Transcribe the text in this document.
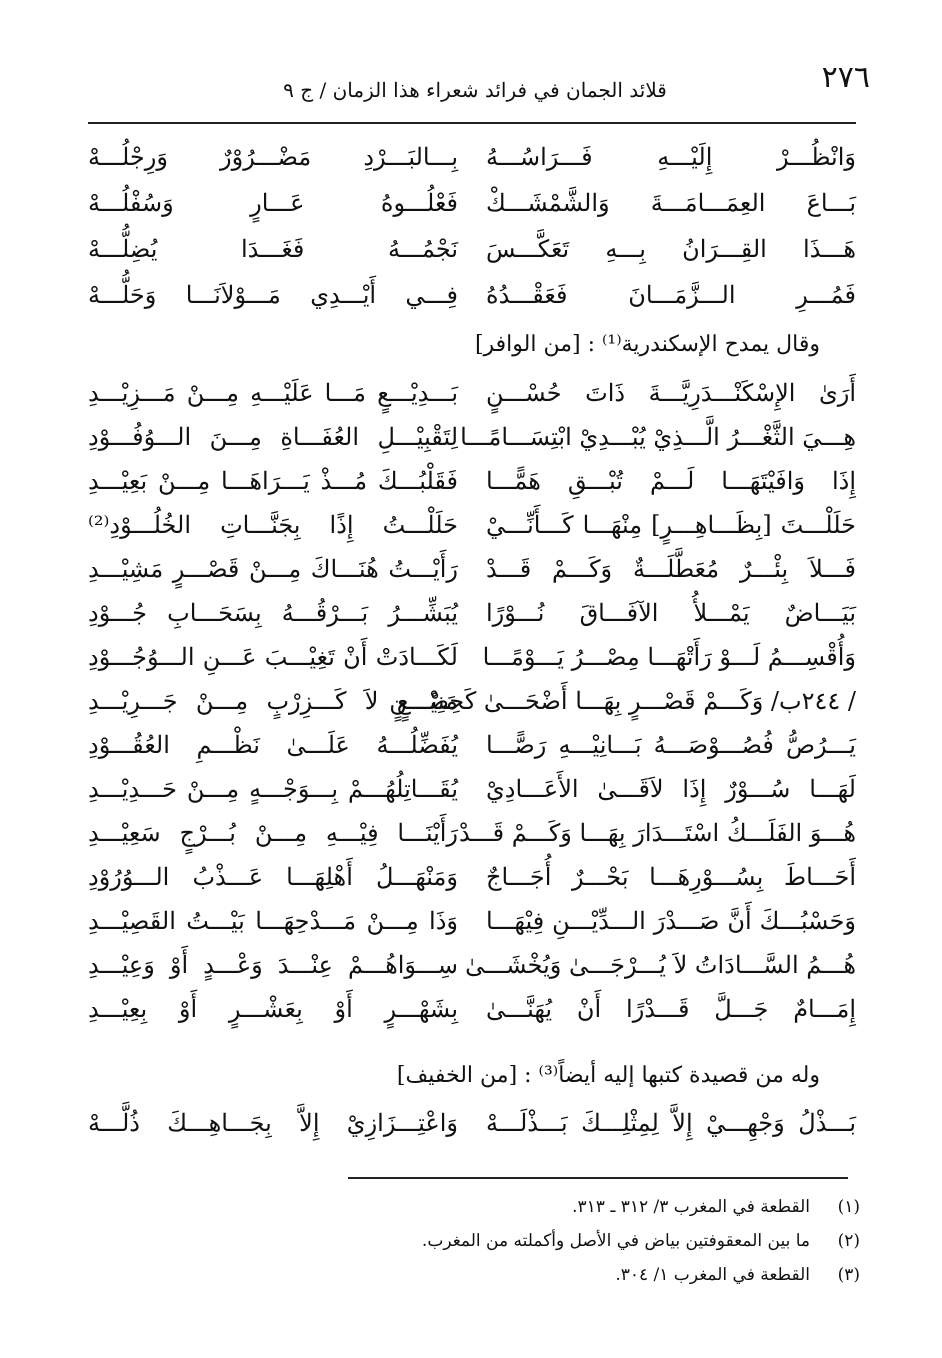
٢٧٦
قلائد الجمان في فرائد شعراء هذا الزمان / ج ٩
وَانْظُـــرْ إِلَيْـــهِ فَـــرَاسُـــهُ
بِـــالبَـــرْدِ مَضْـــرُوْرٌ وَرِجْلُـــهْ
بَـــاعَ العِمَـــامَـــةَ وَالشَّمْشَـــكْ
فَعْلُـــوهُ عَـــارٍ وَسُفْلُـــهْ
هَـــذَا القِـــرَانُ بِـــهِ تَعَكَّـــسَ
نَجْمُـــهُ فَغَـــدَا يُضِلُّـــهْ
فَمُـــرِ الـــزَّمَـــانَ فَعَقْـــدُهُ
فِـــي أَيْـــدِي مَـــوْلاَنَـــا وَحَلُّـــهْ
وقال يمدح الإسكندرية⁽¹⁾ : [من الوافر]
أَرَىٰ الإِسْكَنْـــدَرِيَّـــةَ ذَاتَ حُسْـــنٍ
بَـــدِيْـــعٍ مَـــا عَلَيْـــهِ مِـــنْ مَـــزِيْـــدِ
هِـــيَ الثَّغْـــرُ الَّـــذِيْ يُبْـــدِيْ ابْتِسَـــامًـــا
لِتَقْبِيْـــلِ العُفَـــاةِ مِـــنَ الـــوُفُـــوْدِ
إِذَا وَافَيْتَهَـــا لَـــمْ تُبْـــقِ هَمًّـــا
فَقَلْبُـــكَ مُـــذْ يَـــرَاهَـــا مِـــنْ بَعِيْـــدِ
حَلَلْـــتَ [بِظَـــاهِـــرٍ] مِنْهَـــا كَـــأَنِّـــيْ
حَلَلْـــتُ إِذًا بِجَنَّـــاتِ الخُلُـــوْدِ⁽²⁾
فَـــلاَ بِئْـــرٌ مُعَطَّلَـــةٌ وَكَـــمْ قَـــدْ
رَأَيْـــتُ هُنَـــاكَ مِـــنْ قَصْـــرٍ مَشِيْـــدِ
بَيَـــاضٌ يَمْـــلأُ الآفَـــاقَ نُـــوْرًا
يُبَشِّـــرُ بَـــرْقُـــهُ بِسَحَـــابِ جُـــوْدِ
وَأُقْسِـــمُ لَـــوْ رَأَتْهَـــا مِصْـــرُ يَـــوْمًـــا
لَكَـــادَتْ أَنْ تَغِيْـــبَ عَـــنِ الـــوُجُـــوْدِ
/ ٢٤٤ب/ وَكَـــمْ قَصْـــرٍ بِهَـــا أَضْحَـــىٰ كَحِصْـــنٍ
مَنِيْـــعٍ لاَ كَـــزِرْبٍ مِـــنْ جَـــرِيْـــدِ
يَـــرُصُّ فُصُـــوْصَـــهُ بَـــانِيْـــهِ رَصًّـــا
يُفَضِّلُـــهُ عَلَـــىٰ نَظْـــمِ العُقُـــوْدِ
لَهَـــا سُـــوْرٌ إِذَا لاَقَـــىٰ الأَعَـــادِيْ
يُقَـــاتِلُهُـــمْ بِـــوَجْـــهٍ مِـــنْ حَـــدِيْـــدِ
هُـــوَ الفَلَـــكُ اسْتَـــدَارَ بِهَـــا وَكَـــمْ قَـــدْ
رَأَيْنَـــا فِيْـــهِ مِـــنْ بُـــرْجٍ سَعِيْـــدِ
أَحَـــاطَ بِسُـــوْرِهَـــا بَحْـــرٌ أُجَـــاجٌ
وَمَنْهَـــلُ أَهْلِهَـــا عَـــذْبُ الـــوُرُوْدِ
وَحَسْبُـــكَ أَنَّ صَـــدْرَ الـــدِّيْـــنِ فِيْهَـــا
وَذَا مِـــنْ مَـــدْحِهَـــا بَيْـــتُ القَصِيْـــدِ
هُـــمُ السَّـــادَاتُ لاَ يُـــرْجَـــىٰ وَيُخْشَـــىٰ
سِـــوَاهُـــمْ عِنْـــدَ وَعْـــدٍ أَوْ وَعِيْـــدِ
إِمَـــامٌ جَـــلَّ قَـــدْرًا أَنْ يُهَنَّـــىٰ
بِشَهْـــرٍ أَوْ بِعَشْـــرٍ أَوْ بِعِيْـــدِ
وله من قصيدة كتبها إليه أيضاً⁽³⁾ : [من الخفيف]
بَـــذْلُ وَجْهِـــيْ إِلاَّ لِمِثْلِـــكَ بَـــذْلَـــهْ
وَاعْتِـــزَازِيْ إِلاَّ بِجَـــاهِـــكَ ذُلَّـــهْ
(١)
القطعة في المغرب ٣/ ٣١٢ ـ ٣١٣.
(٢)
ما بين المعقوفتين بياض في الأصل وأكملته من المغرب.
(٣)
القطعة في المغرب ١/ ٣٠٤.
